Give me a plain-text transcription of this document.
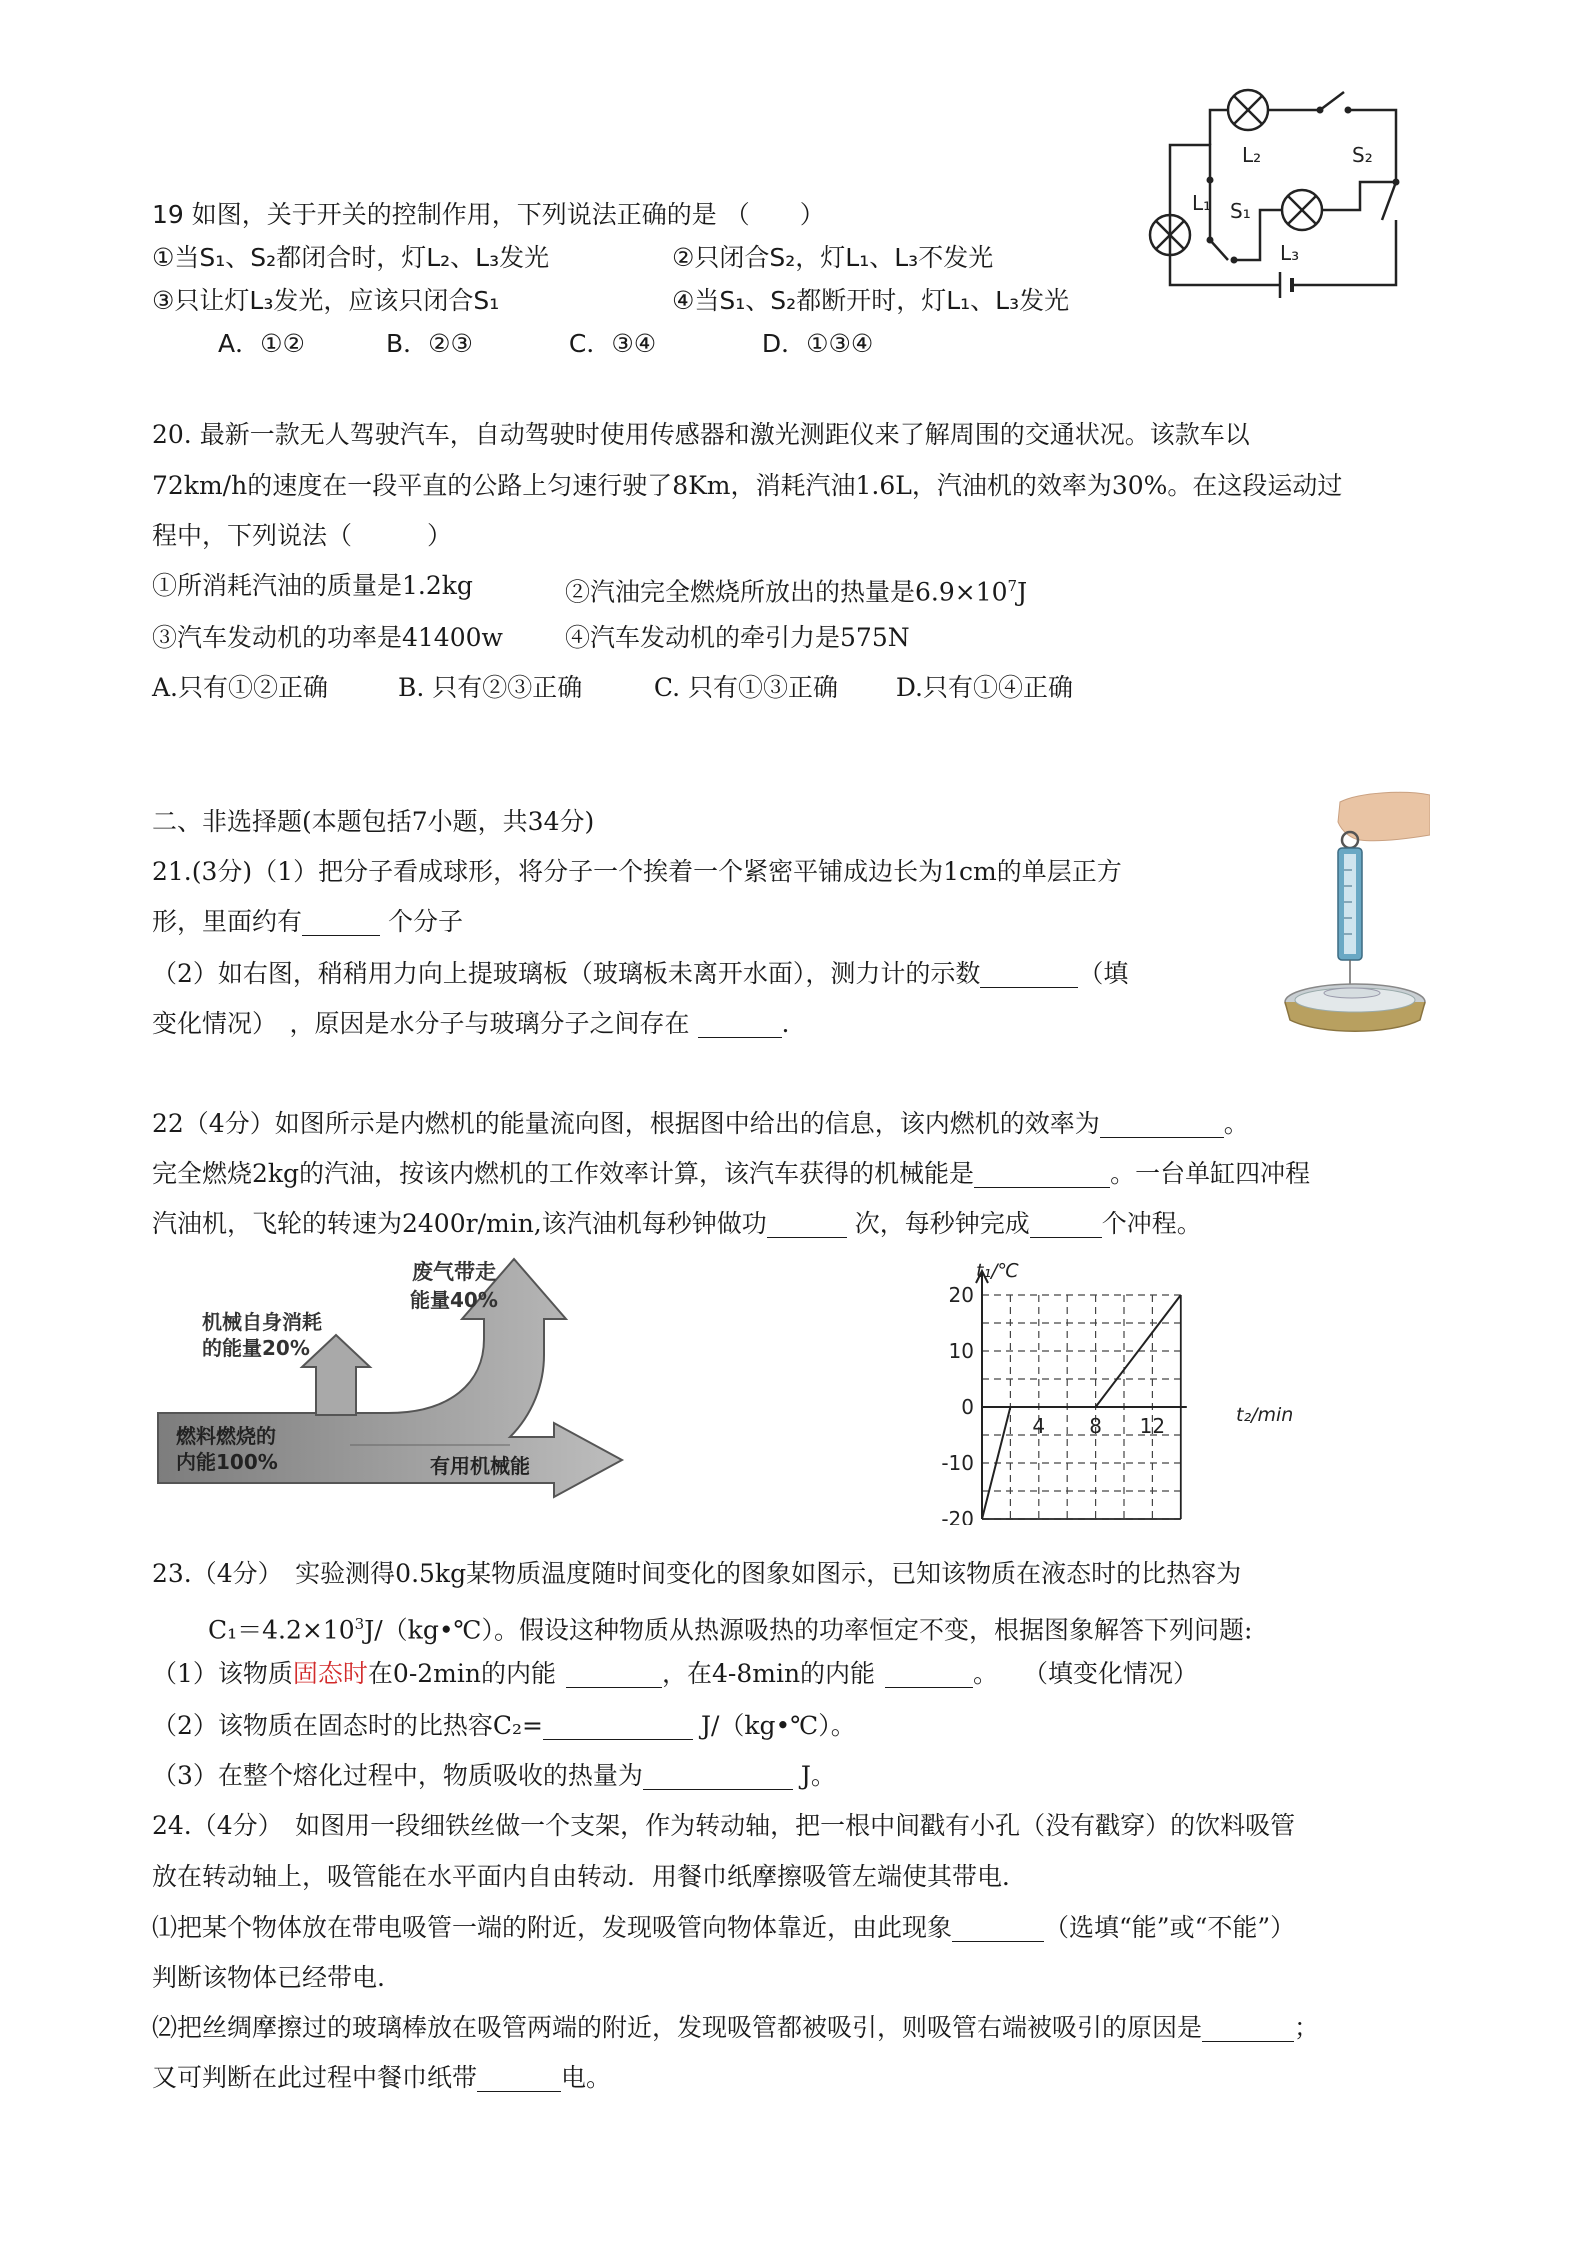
19 如图，关于开关的控制作用，下列说法正确的是 （　　）
①当S₁、S₂都闭合时，灯L₂、L₃发光	②只闭合S₂，灯L₁、L₃不发光
③只让灯L₃发光，应该只闭合S₁	④当S₁、S₂都断开时，灯L₁、L₃发光
A．①②	B．②③	C．③④	D．①③④
L₁
L₂	S₂
S₁
L₃
20. 最新一款无人驾驶汽车，自动驾驶时使用传感器和激光测距仪来了解周围的交通状况。该款车以
72km/h的速度在一段平直的公路上匀速行驶了8Km，消耗汽油1.6L，汽油机的效率为30%。在这段运动过
程中，下列说法（　　　）
①所消耗汽油的质量是1.2kg	②汽油完全燃烧所放出的热量是$6.9\times 10^7J$
③汽车发动机的功率是41400w ④汽车发动机的牵引力是575N
A.只有①②正确	B. 只有②③正确	C. 只有①③正确 D.只有①④正确
二、非选择题(本题包括7小题，共34分)
21.(3分)（1）把分子看成球形，将分子一个挨着一个紧密平铺成边长为1cm的单层正方
形，里面约有	个分子
（2）如右图，稍稍用力向上提玻璃板（玻璃板未离开水面），测力计的示数	（填
变化情况）　，原因是水分子与玻璃分子之间存在	.
22（4分）如图所示是内燃机的能量流向图，根据图中给出的信息，该内燃机的效率为	。
完全燃烧2kg的汽油，按该内燃机的工作效率计算，该汽车获得的机械能是	。一台单缸四冲程
汽油机，飞轮的转速为2400r/min,该汽油机每秒钟做功	次，每秒钟完成	个冲程。
废气带走
能量40%
机械自身消耗
的能量20%
燃料燃烧的
内能100%	有用机械能
20
10
0
-10
-20
4 8 12
t₁/℃
t₂/min
23.（4分）　实验测得0.5kg某物质温度随时间变化的图象如图示，已知该物质在液态时的比热容为
$C_1=4.2\times 10^3J/(kg•℃)$。假设这种物质从热源吸热的功率恒定不变，根据图象解答下列问题:
（1）该物质固态时在0-2min的内能	，在4-8min的内能	。　　（填变化情况）
（2）该物质在固态时的比热容C₂=	J/（kg•℃）。
（3）在整个熔化过程中，物质吸收的热量为	J。
24.（4分）　如图用一段细铁丝做一个支架，作为转动轴，把一根中间戳有小孔（没有戳穿）的饮料吸管
放在转动轴上，吸管能在水平面内自由转动．用餐巾纸摩擦吸管左端使其带电．
⑴把某个物体放在带电吸管一端的附近，发现吸管向物体靠近，由此现象	（选填“能”或“不能”）
判断该物体已经带电.
⑵把丝绸摩擦过的玻璃棒放在吸管两端的附近，发现吸管都被吸引，则吸管右端被吸引的原因是	；
又可判断在此过程中餐巾纸带	电。
